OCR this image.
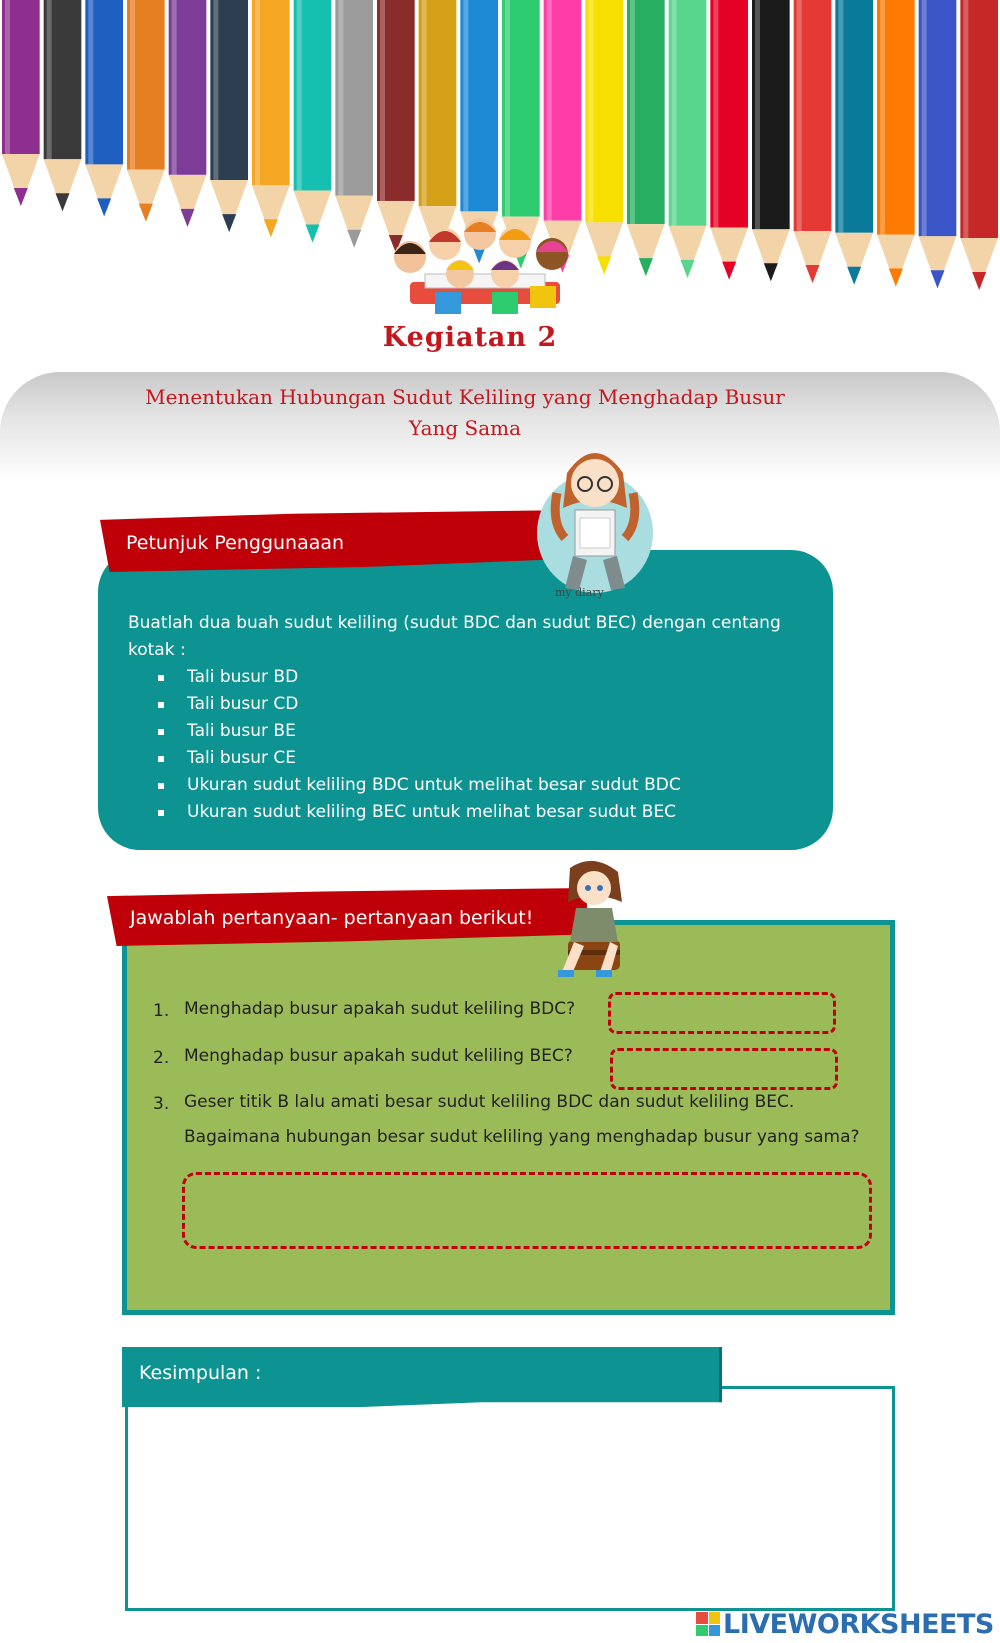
Kegiatan 2
Menentukan Hubungan Sudut Keliling yang Menghadap Busur Yang Sama
Petunjuk Penggunaaan
my diary
Buatlah dua buah sudut keliling (sudut BDC dan sudut BEC) dengan centang kotak :
Tali busur BD
Tali busur CD
Tali busur BE
Tali busur CE
Ukuran sudut keliling BDC untuk melihat besar sudut BDC
Ukuran sudut keliling BEC untuk melihat besar sudut BEC
Jawablah pertanyaan- pertanyaan berikut!
1. Menghadap busur apakah sudut keliling BDC?
2. Menghadap busur apakah sudut keliling BEC?
3. Geser titik B lalu amati besar sudut keliling BDC dan sudut keliling BEC. Bagaimana hubungan besar sudut keliling yang menghadap busur yang sama?
Kesimpulan :
LIVEWORKSHEETS
